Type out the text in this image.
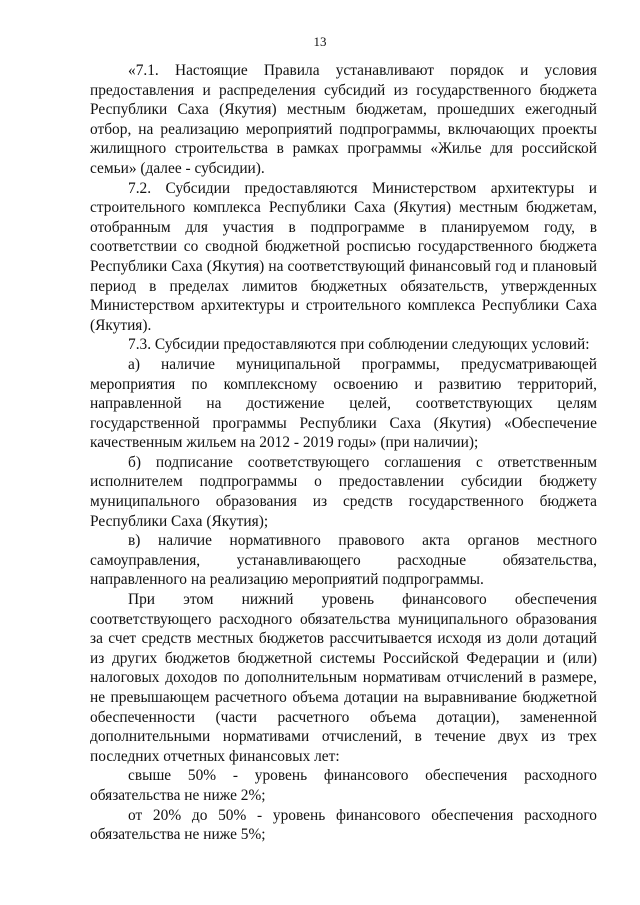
13

«7.1. Настоящие Правила устанавливают порядок и условия предоставления и распределения субсидий из государственного бюджета Республики Саха (Якутия) местным бюджетам, прошедших ежегодный отбор, на реализацию мероприятий подпрограммы, включающих проекты жилищного строительства в рамках программы «Жилье для российской семьи» (далее - субсидии).

7.2. Субсидии предоставляются Министерством архитектуры и строительного комплекса Республики Саха (Якутия) местным бюджетам, отобранным для участия в подпрограмме в планируемом году, в соответствии со сводной бюджетной росписью государственного бюджета Республики Саха (Якутия) на соответствующий финансовый год и плановый период в пределах лимитов бюджетных обязательств, утвержденных Министерством архитектуры и строительного комплекса Республики Саха (Якутия).

7.3. Субсидии предоставляются при соблюдении следующих условий:

а) наличие муниципальной программы, предусматривающей мероприятия по комплексному освоению и развитию территорий, направленной на достижение целей, соответствующих целям государственной программы Республики Саха (Якутия) «Обеспечение качественным жильем на 2012 - 2019 годы» (при наличии);

б) подписание соответствующего соглашения с ответственным исполнителем подпрограммы о предоставлении субсидии бюджету муниципального образования из средств государственного бюджета Республики Саха (Якутия);

в) наличие нормативного правового акта органов местного самоуправления, устанавливающего расходные обязательства, направленного на реализацию мероприятий подпрограммы.

При этом нижний уровень финансового обеспечения соответствующего расходного обязательства муниципального образования за счет средств местных бюджетов рассчитывается исходя из доли дотаций из других бюджетов бюджетной системы Российской Федерации и (или) налоговых доходов по дополнительным нормативам отчислений в размере, не превышающем расчетного объема дотации на выравнивание бюджетной обеспеченности (части расчетного объема дотации), замененной дополнительными нормативами отчислений, в течение двух из трех последних отчетных финансовых лет:

свыше 50% - уровень финансового обеспечения расходного обязательства не ниже 2%;

от 20% до 50% - уровень финансового обеспечения расходного обязательства не ниже 5%;
